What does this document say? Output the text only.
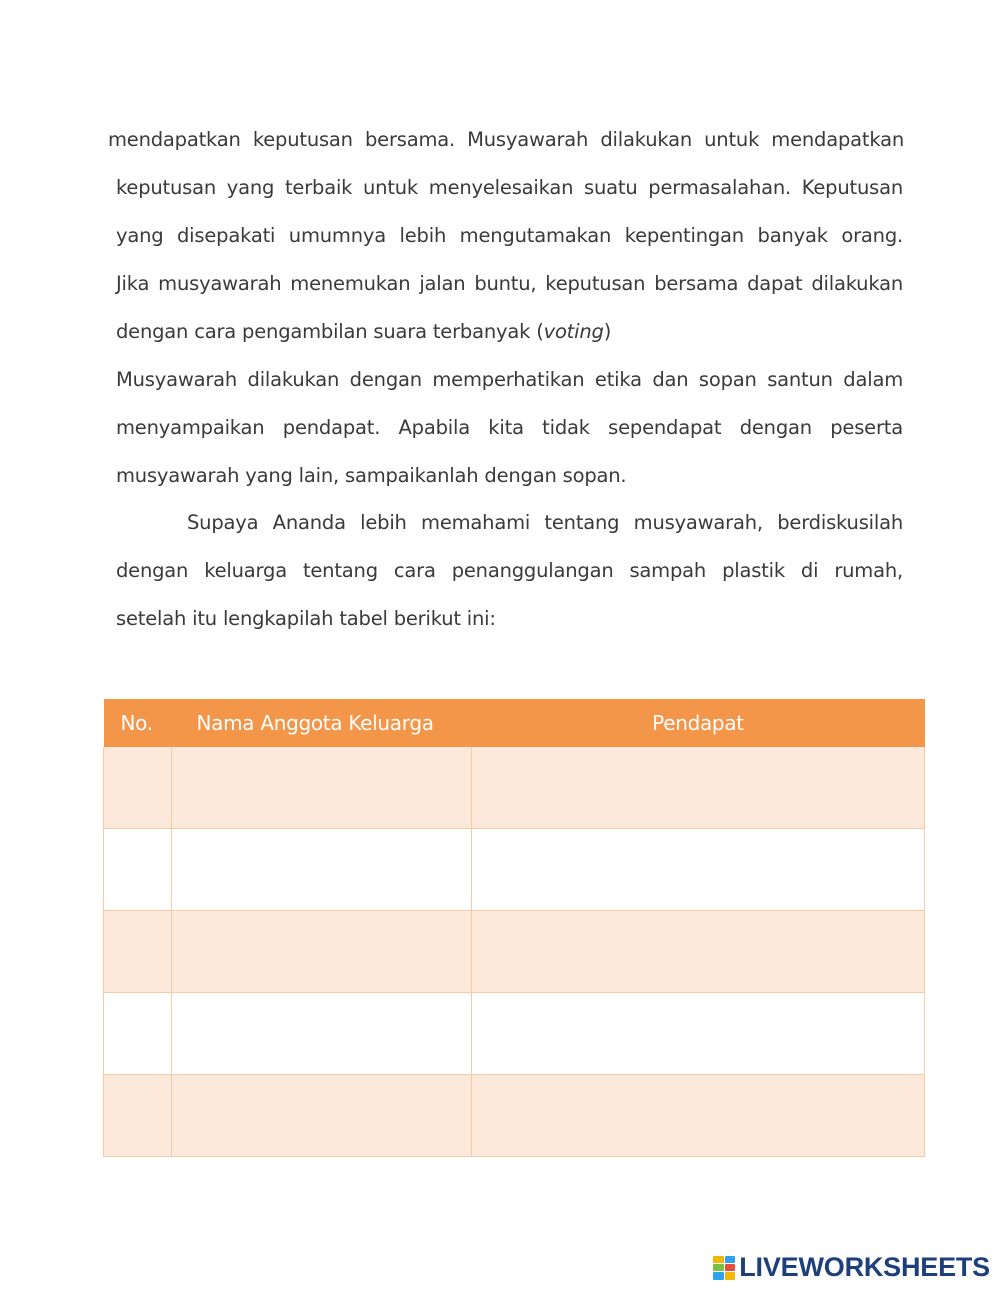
mendapatkan keputusan bersama. Musyawarah dilakukan untuk mendapatkan
keputusan yang terbaik untuk menyelesaikan suatu permasalahan. Keputusan
yang disepakati umumnya lebih mengutamakan kepentingan banyak orang.
Jika musyawarah menemukan jalan buntu, keputusan bersama dapat dilakukan
dengan cara pengambilan suara terbanyak (voting)
Musyawarah dilakukan dengan memperhatikan etika dan sopan santun dalam
menyampaikan pendapat. Apabila kita tidak sependapat dengan peserta
musyawarah yang lain, sampaikanlah dengan sopan.
Supaya Ananda lebih memahami tentang musyawarah, berdiskusilah
dengan keluarga tentang cara penanggulangan sampah plastik di rumah,
setelah itu lengkapilah tabel berikut ini:
No.	Nama Anggota Keluarga	Pendapat

LIVEWORKSHEETS
